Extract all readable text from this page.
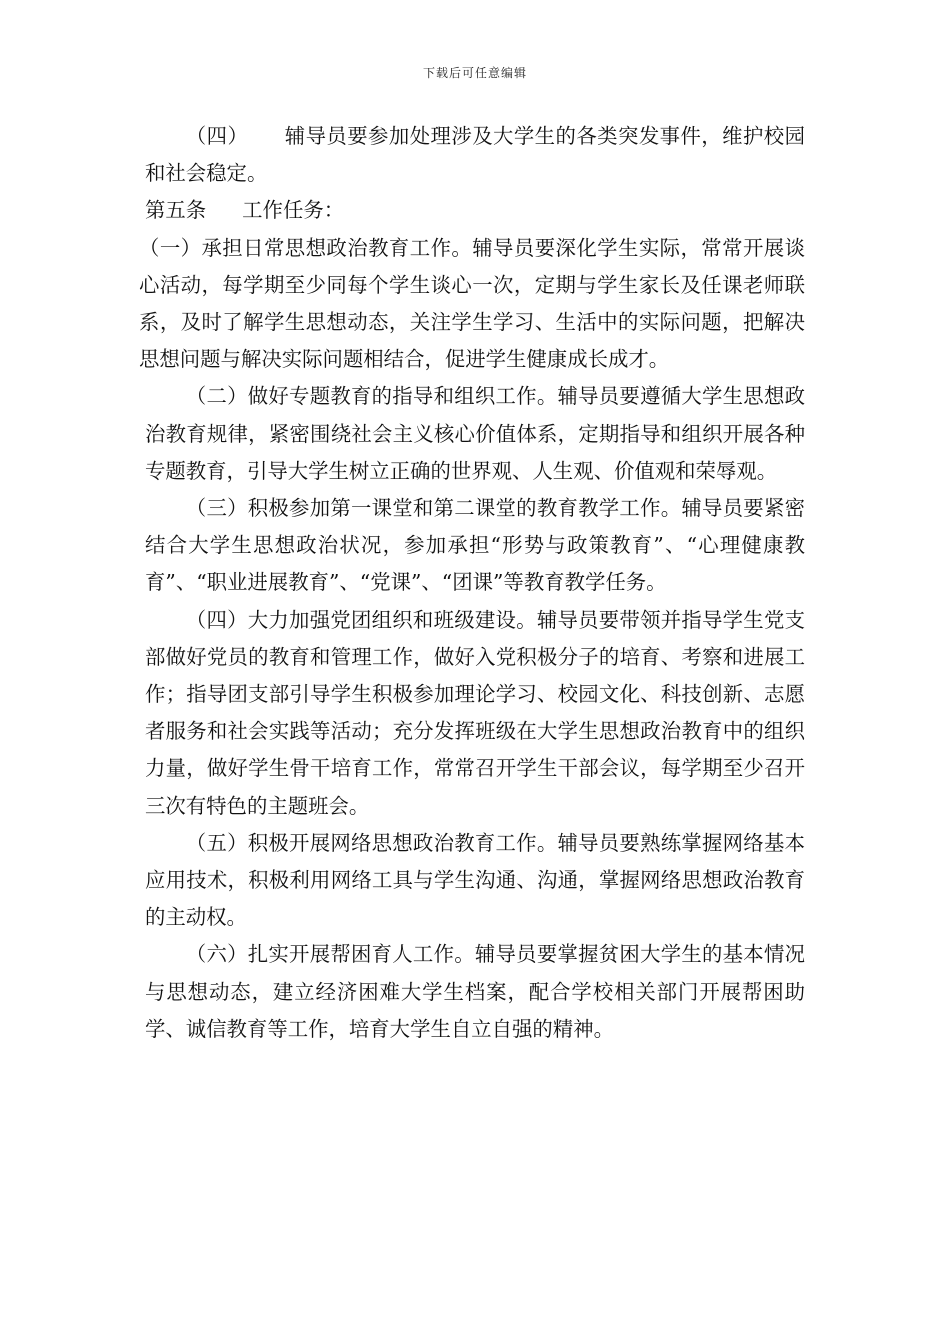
下载后可任意编辑

（四） 辅导员要参加处理涉及大学生的各类突发事件，维护校园和社会稳定。

第五条 工作任务：

（一）承担日常思想政治教育工作。辅导员要深化学生实际，常常开展谈心活动，每学期至少同每个学生谈心一次，定期与学生家长及任课老师联系，及时了解学生思想动态，关注学生学习、生活中的实际问题，把解决思想问题与解决实际问题相结合，促进学生健康成长成才。

（二）做好专题教育的指导和组织工作。辅导员要遵循大学生思想政治教育规律，紧密围绕社会主义核心价值体系，定期指导和组织开展各种专题教育，引导大学生树立正确的世界观、人生观、价值观和荣辱观。

（三）积极参加第一课堂和第二课堂的教育教学工作。辅导员要紧密结合大学生思想政治状况，参加承担“形势与政策教育”、“心理健康教育”、“职业进展教育”、“党课”、“团课”等教育教学任务。

（四）大力加强党团组织和班级建设。辅导员要带领并指导学生党支部做好党员的教育和管理工作，做好入党积极分子的培育、考察和进展工作；指导团支部引导学生积极参加理论学习、校园文化、科技创新、志愿者服务和社会实践等活动；充分发挥班级在大学生思想政治教育中的组织力量，做好学生骨干培育工作，常常召开学生干部会议，每学期至少召开三次有特色的主题班会。

（五）积极开展网络思想政治教育工作。辅导员要熟练掌握网络基本应用技术，积极利用网络工具与学生沟通、沟通，掌握网络思想政治教育的主动权。

（六）扎实开展帮困育人工作。辅导员要掌握贫困大学生的基本情况与思想动态，建立经济困难大学生档案，配合学校相关部门开展帮困助学、诚信教育等工作，培育大学生自立自强的精神。
